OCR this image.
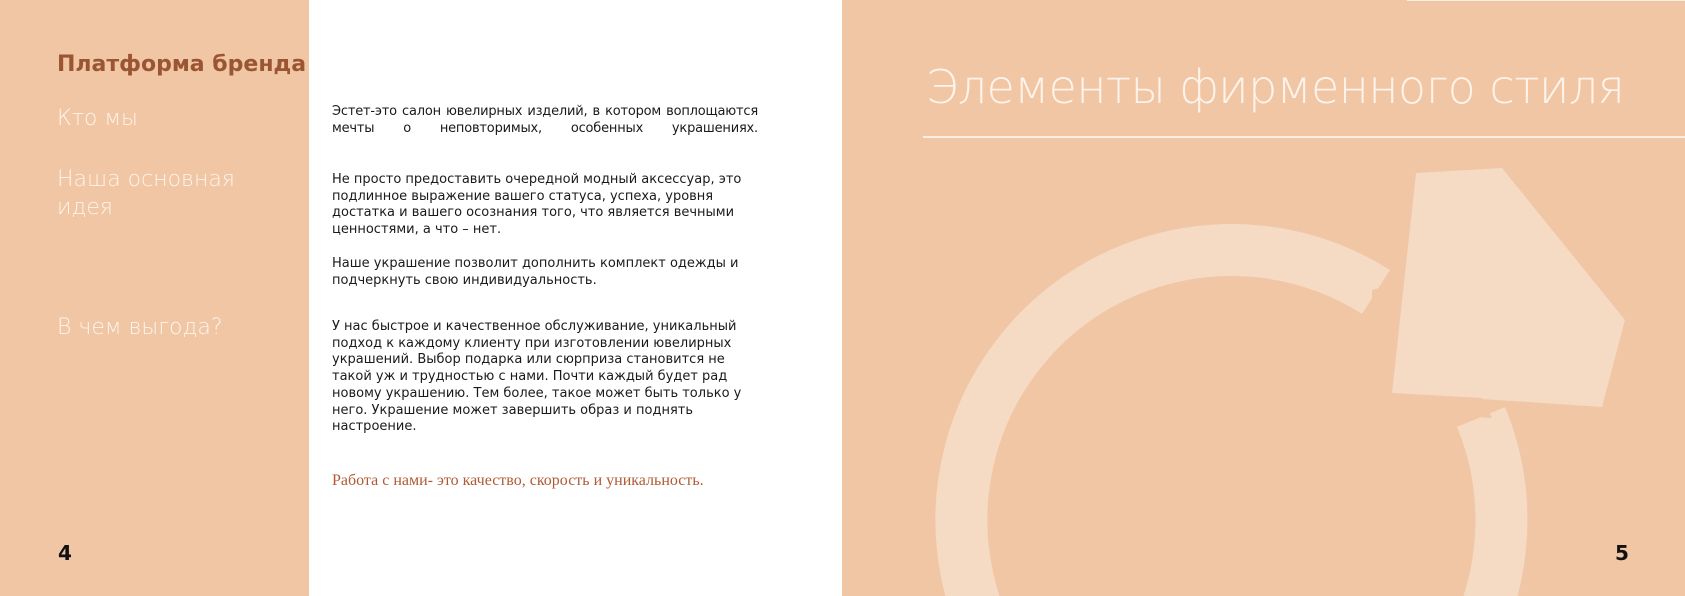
Платформа бренда
Кто мы
Наша основная идея
В чем выгода?
4
Эстет-это салон ювелирных изделий, в котором воплощаются мечты о неповторимых, особенных украшениях.
Не просто предоставить очередной модный аксессуар, это подлинное выражение вашего статуса, успеха, уровня достатка и вашего осознания того, что является вечными ценностями, а что – нет.
Наше украшение позволит дополнить комплект одежды и подчеркнуть свою индивидуальность.
У нас быстрое и качественное обслуживание, уникальный подход к каждому клиенту при изготовлении ювелирных украшений. Выбор подарка или сюрприза становится не такой уж и трудностью с нами. Почти каждый будет рад новому украшению. Тем более, такое может быть только у него. Украшение может завершить образ и поднять настроение.
Работа с нами- это качество, скорость и уникальность.
Элементы фирменного стиля
5
